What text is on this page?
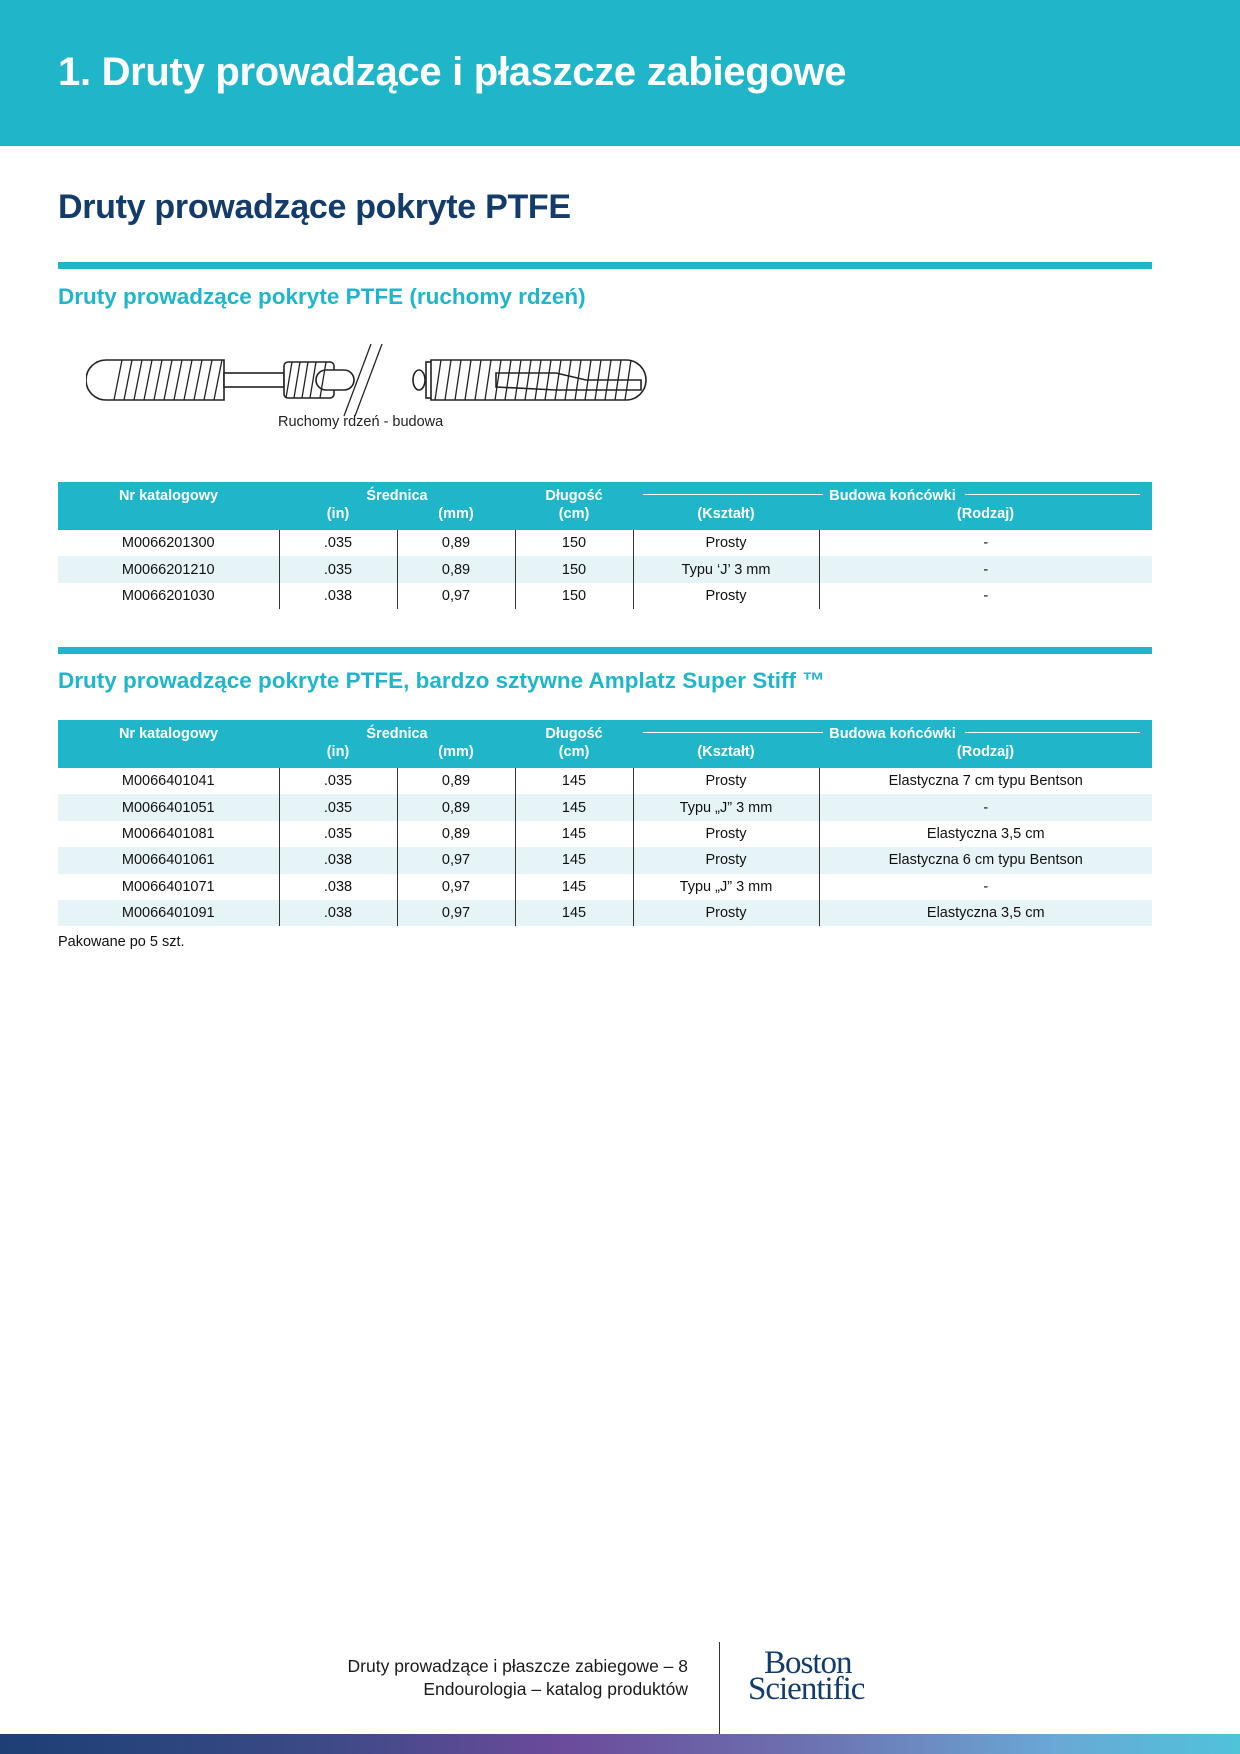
1. Druty prowadzące i płaszcze zabiegowe
Druty prowadzące pokryte PTFE
Druty prowadzące pokryte PTFE (ruchomy rdzeń)
Ruchomy rdzeń - budowa
Nr katalogowy	Średnica		Długość	Budowa końcówki	
	(in)	(mm)	(cm)	(Kształt)	(Rodzaj)
M0066201300	.035	0,89	150	Prosty	-
M0066201210	.035	0,89	150	Typu ‘J’ 3 mm	-
M0066201030	.038	0,97	150	Prosty	-
Druty prowadzące pokryte PTFE, bardzo sztywne Amplatz Super Stiff ™
Nr katalogowy	Średnica		Długość	Budowa końcówki	
	(in)	(mm)	(cm)	(Kształt)	(Rodzaj)
M0066401041	.035	0,89	145	Prosty	Elastyczna 7 cm typu Bentson
M0066401051	.035	0,89	145	Typu „J” 3 mm	-
M0066401081	.035	0,89	145	Prosty	Elastyczna 3,5 cm
M0066401061	.038	0,97	145	Prosty	Elastyczna 6 cm typu Bentson
M0066401071	.038	0,97	145	Typu „J” 3 mm	-
M0066401091	.038	0,97	145	Prosty	Elastyczna 3,5 cm
Pakowane po 5 szt.
Druty prowadzące i płaszcze zabiegowe – 8
Endourologia – katalog produktów
Boston
Scientific
